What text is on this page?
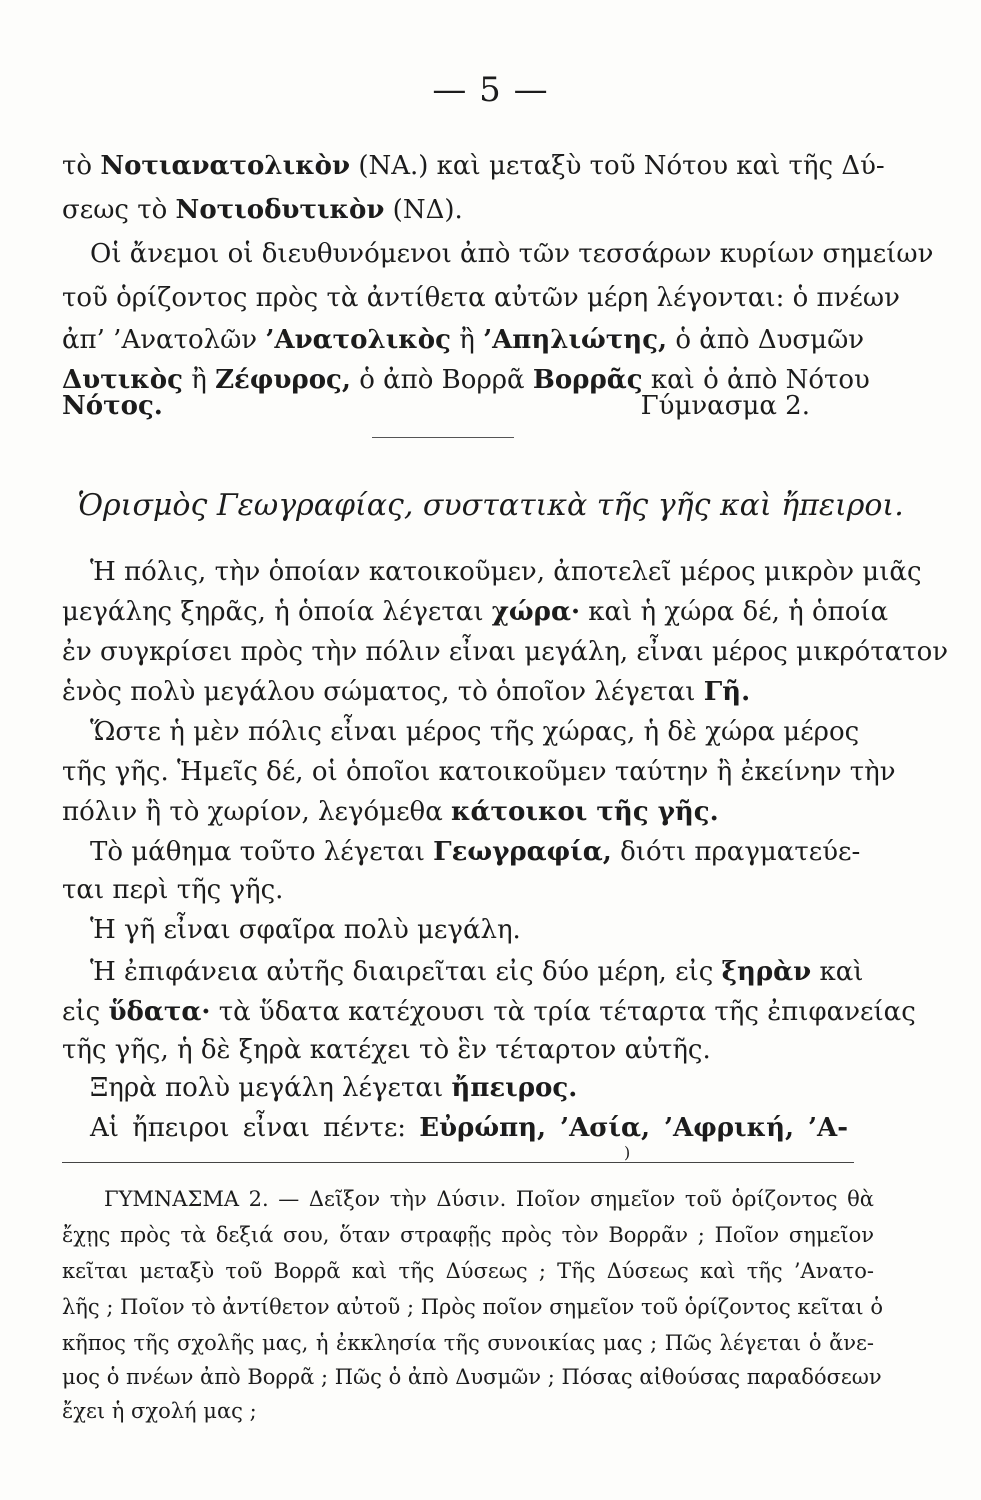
— 5 —
τὸ Νοτιανατολικὸν (ΝΑ.) καὶ μεταξὺ τοῦ Νότου καὶ τῆς Δύ-
σεως τὸ Νοτιοδυτικὸν (ΝΔ).
Οἱ ἄνεμοι οἱ διευθυνόμενοι ἀπὸ τῶν τεσσάρων κυρίων σημείων
τοῦ ὁρίζοντος πρὸς τὰ ἀντίθετα αὐτῶν μέρη λέγονται: ὁ πνέων
ἀπ’ ’Ανατολῶν ’Ανατολικὸς ἢ ’Απηλιώτης, ὁ ἀπὸ Δυσμῶν
Δυτικὸς ἢ Ζέφυρος, ὁ ἀπὸ Βορρᾶ Βορρᾶς καὶ ὁ ἀπὸ Νότου
Νότος.	Γύμνασμα 2.
Ὁρισμὸς Γεωγραφίας, συστατικὰ τῆς γῆς καὶ ἤπειροι.
Ἡ πόλις, τὴν ὁποίαν κατοικοῦμεν, ἀποτελεῖ μέρος μικρὸν μιᾶς
μεγάλης ξηρᾶς, ἡ ὁποία λέγεται χώρα· καὶ ἡ χώρα δέ, ἡ ὁποία
ἐν συγκρίσει πρὸς τὴν πόλιν εἶναι μεγάλη, εἶναι μέρος μικρότατον
ἑνὸς πολὺ μεγάλου σώματος, τὸ ὁποῖον λέγεται Γῆ.
Ὥστε ἡ μὲν πόλις εἶναι μέρος τῆς χώρας, ἡ δὲ χώρα μέρος
τῆς γῆς. Ἡμεῖς δέ, οἱ ὁποῖοι κατοικοῦμεν ταύτην ἢ ἐκείνην τὴν
πόλιν ἢ τὸ χωρίον, λεγόμεθα κάτοικοι τῆς γῆς.
Τὸ μάθημα τοῦτο λέγεται Γεωγραφία, διότι πραγματεύε-
ται περὶ τῆς γῆς.
Ἡ γῆ εἶναι σφαῖρα πολὺ μεγάλη.
Ἡ ἐπιφάνεια αὐτῆς διαιρεῖται εἰς δύο μέρη, εἰς ξηρὰν καὶ
εἰς ὕδατα· τὰ ὕδατα κατέχουσι τὰ τρία τέταρτα τῆς ἐπιφανείας
τῆς γῆς, ἡ δὲ ξηρὰ κατέχει τὸ ἓν τέταρτον αὐτῆς.
Ξηρὰ πολὺ μεγάλη λέγεται ἤπειρος.
Αἱ ἤπειροι εἶναι πέντε: Εὐρώπη, ’Ασία, ’Αφρική, ’Α-
)
ΓΥΜΝΑΣΜΑ 2. — Δεῖξον τὴν Δύσιν. Ποῖον σημεῖον τοῦ ὁρίζοντος θὰ
ἔχῃς πρὸς τὰ δεξιά σου, ὅταν στραφῇς πρὸς τὸν Βορρᾶν ; Ποῖον σημεῖον
κεῖται μεταξὺ τοῦ Βορρᾶ καὶ τῆς Δύσεως ; Τῆς Δύσεως καὶ τῆς ’Ανατο-
λῆς ; Ποῖον τὸ ἀντίθετον αὐτοῦ ; Πρὸς ποῖον σημεῖον τοῦ ὁρίζοντος κεῖται ὁ
κῆπος τῆς σχολῆς μας, ἡ ἐκκλησία τῆς συνοικίας μας ; Πῶς λέγεται ὁ ἄνε-
μος ὁ πνέων ἀπὸ Βορρᾶ ; Πῶς ὁ ἀπὸ Δυσμῶν ; Πόσας αἰθούσας παραδόσεων
ἔχει ἡ σχολή μας ;
